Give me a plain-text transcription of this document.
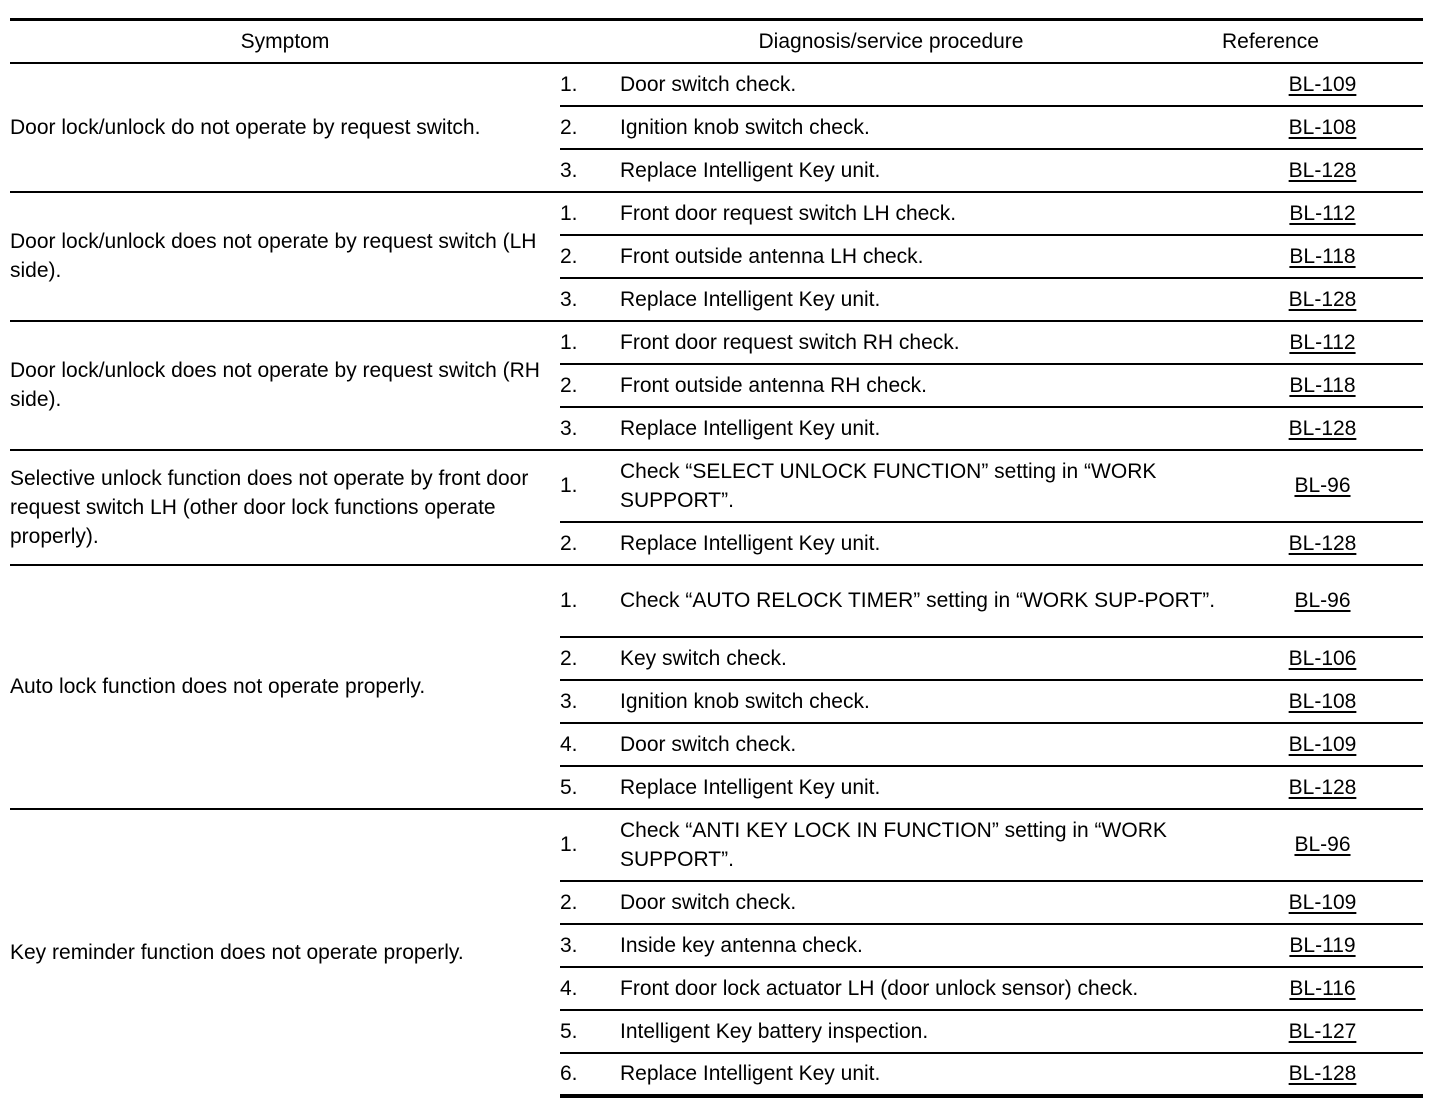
Symptom	Diagnosis/service procedure		Reference
Door lock/unlock do not operate by request switch.	1.	Door switch check.	BL-109
	2.	Ignition knob switch check.	BL-108
	3.	Replace Intelligent Key unit.	BL-128
Door lock/unlock does not operate by request switch (LH side).	1.	Front door request switch LH check.	BL-112
	2.	Front outside antenna LH check.	BL-118
	3.	Replace Intelligent Key unit.	BL-128
Door lock/unlock does not operate by request switch (RH side).	1.	Front door request switch RH check.	BL-112
	2.	Front outside antenna RH check.	BL-118
	3.	Replace Intelligent Key unit.	BL-128
Selective unlock function does not operate by front door request switch LH (other door lock functions operate properly).	1.	Check “SELECT UNLOCK FUNCTION” setting in “WORK SUPPORT”.	BL-96
	2.	Replace Intelligent Key unit.	BL-128
Auto lock function does not operate properly.	1.	Check “AUTO RELOCK TIMER” setting in “WORK SUP-PORT”.	BL-96
	2.	Key switch check.	BL-106
	3.	Ignition knob switch check.	BL-108
	4.	Door switch check.	BL-109
	5.	Replace Intelligent Key unit.	BL-128
Key reminder function does not operate properly.	1.	Check “ANTI KEY LOCK IN FUNCTION” setting in “WORK SUPPORT”.	BL-96
	2.	Door switch check.	BL-109
	3.	Inside key antenna check.	BL-119
	4.	Front door lock actuator LH (door unlock sensor) check.	BL-116
	5.	Intelligent Key battery inspection.	BL-127
	6.	Replace Intelligent Key unit.	BL-128
